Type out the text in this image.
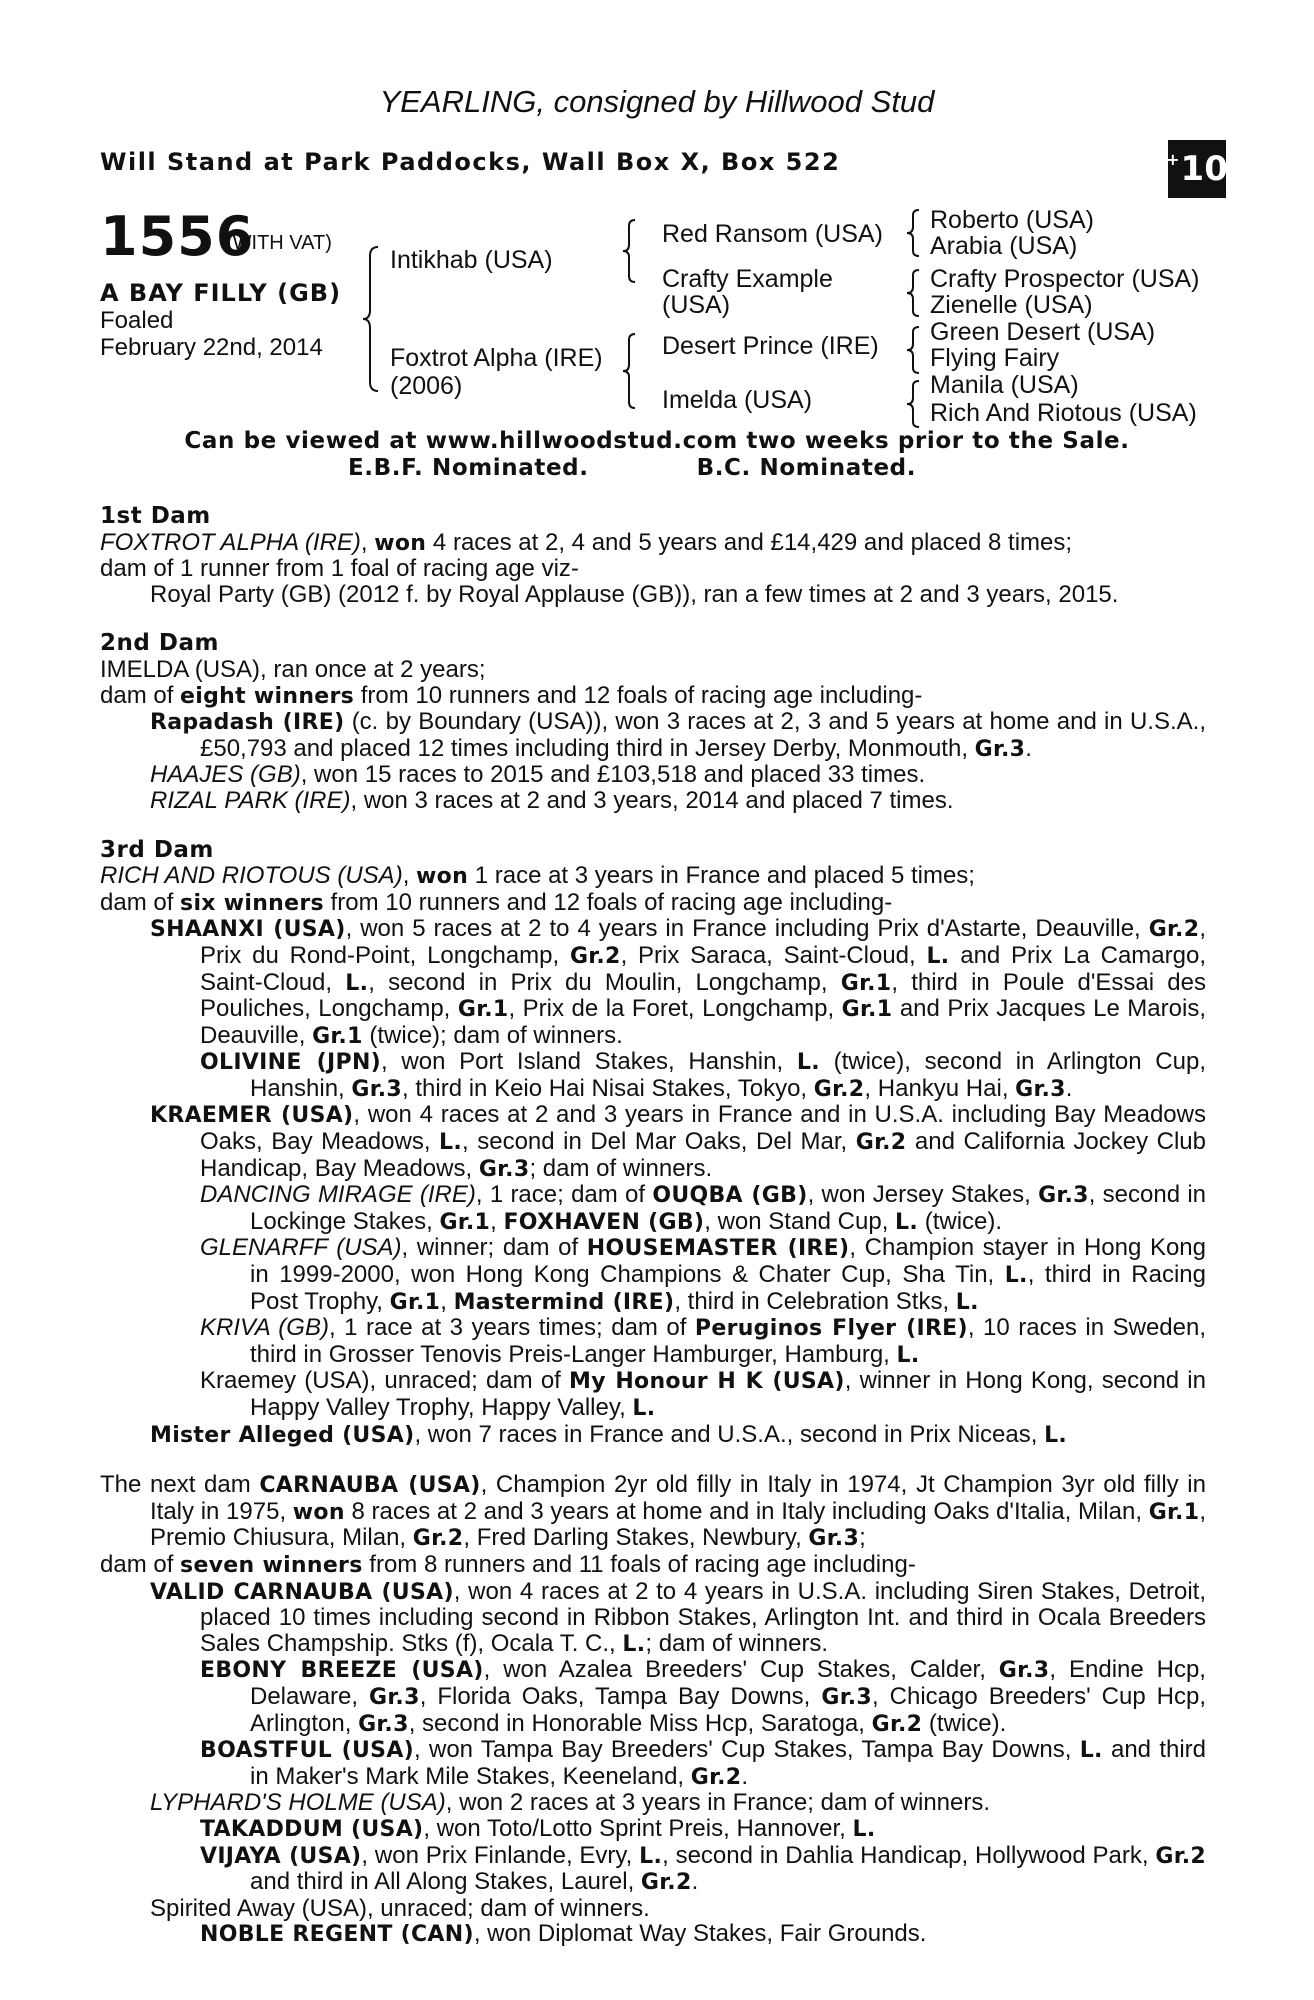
YEARLING, consigned by Hillwood Stud
Will Stand at Park Paddocks, Wall Box X, Box 522	+ 10
1556
(WITH VAT)
A BAY FILLY (GB)
Foaled
February 22nd, 2014
Intikhab (USA)
Foxtrot Alpha (IRE)
(2006)
Red Ransom (USA)
Crafty Example
(USA)
Desert Prince (IRE)
Imelda (USA)
Roberto (USA)
Arabia (USA)
Crafty Prospector (USA)
Zienelle (USA)
Green Desert (USA)
Flying Fairy
Manila (USA)
Rich And Riotous (USA)
Can be viewed at www.hillwoodstud.com two weeks prior to the Sale.
E.B.F. Nominated.	B.C. Nominated.
1st Dam
FOXTROT ALPHA (IRE), won 4 races at 2, 4 and 5 years and £14,429 and placed 8 times;
dam of 1 runner from 1 foal of racing age viz-
Royal Party (GB) (2012 f. by Royal Applause (GB)), ran a few times at 2 and 3 years, 2015.
2nd Dam
IMELDA (USA), ran once at 2 years;
dam of eight winners from 10 runners and 12 foals of racing age including-
Rapadash (IRE) (c. by Boundary (USA)), won 3 races at 2, 3 and 5 years at home and in U.S.A., £50,793 and placed 12 times including third in Jersey Derby, Monmouth, Gr.3.
HAAJES (GB), won 15 races to 2015 and £103,518 and placed 33 times.
RIZAL PARK (IRE), won 3 races at 2 and 3 years, 2014 and placed 7 times.
3rd Dam
RICH AND RIOTOUS (USA), won 1 race at 3 years in France and placed 5 times;
dam of six winners from 10 runners and 12 foals of racing age including-
SHAANXI (USA), won 5 races at 2 to 4 years in France including Prix d'Astarte, Deauville, Gr.2, Prix du Rond-Point, Longchamp, Gr.2, Prix Saraca, Saint-Cloud, L. and Prix La Camargo, Saint-Cloud, L., second in Prix du Moulin, Longchamp, Gr.1, third in Poule d'Essai des Pouliches, Longchamp, Gr.1, Prix de la Foret, Longchamp, Gr.1 and Prix Jacques Le Marois, Deauville, Gr.1 (twice); dam of winners.
OLIVINE (JPN), won Port Island Stakes, Hanshin, L. (twice), second in Arlington Cup, Hanshin, Gr.3, third in Keio Hai Nisai Stakes, Tokyo, Gr.2, Hankyu Hai, Gr.3.
KRAEMER (USA), won 4 races at 2 and 3 years in France and in U.S.A. including Bay Meadows Oaks, Bay Meadows, L., second in Del Mar Oaks, Del Mar, Gr.2 and California Jockey Club Handicap, Bay Meadows, Gr.3; dam of winners.
DANCING MIRAGE (IRE), 1 race; dam of OUQBA (GB), won Jersey Stakes, Gr.3, second in Lockinge Stakes, Gr.1, FOXHAVEN (GB), won Stand Cup, L. (twice).
GLENARFF (USA), winner; dam of HOUSEMASTER (IRE), Champion stayer in Hong Kong in 1999-2000, won Hong Kong Champions & Chater Cup, Sha Tin, L., third in Racing Post Trophy, Gr.1, Mastermind (IRE), third in Celebration Stks, L.
KRIVA (GB), 1 race at 3 years times; dam of Peruginos Flyer (IRE), 10 races in Sweden, third in Grosser Tenovis Preis-Langer Hamburger, Hamburg, L.
Kraemey (USA), unraced; dam of My Honour H K (USA), winner in Hong Kong, second in Happy Valley Trophy, Happy Valley, L.
Mister Alleged (USA), won 7 races in France and U.S.A., second in Prix Niceas, L.
The next dam CARNAUBA (USA), Champion 2yr old filly in Italy in 1974, Jt Champion 3yr old filly in Italy in 1975, won 8 races at 2 and 3 years at home and in Italy including Oaks d'Italia, Milan, Gr.1, Premio Chiusura, Milan, Gr.2, Fred Darling Stakes, Newbury, Gr.3;
dam of seven winners from 8 runners and 11 foals of racing age including-
VALID CARNAUBA (USA), won 4 races at 2 to 4 years in U.S.A. including Siren Stakes, Detroit, placed 10 times including second in Ribbon Stakes, Arlington Int. and third in Ocala Breeders Sales Champship. Stks (f), Ocala T. C., L.; dam of winners.
EBONY BREEZE (USA), won Azalea Breeders' Cup Stakes, Calder, Gr.3, Endine Hcp, Delaware, Gr.3, Florida Oaks, Tampa Bay Downs, Gr.3, Chicago Breeders' Cup Hcp, Arlington, Gr.3, second in Honorable Miss Hcp, Saratoga, Gr.2 (twice).
BOASTFUL (USA), won Tampa Bay Breeders' Cup Stakes, Tampa Bay Downs, L. and third in Maker's Mark Mile Stakes, Keeneland, Gr.2.
LYPHARD'S HOLME (USA), won 2 races at 3 years in France; dam of winners.
TAKADDUM (USA), won Toto/Lotto Sprint Preis, Hannover, L.
VIJAYA (USA), won Prix Finlande, Evry, L., second in Dahlia Handicap, Hollywood Park, Gr.2 and third in All Along Stakes, Laurel, Gr.2.
Spirited Away (USA), unraced; dam of winners.
NOBLE REGENT (CAN), won Diplomat Way Stakes, Fair Grounds.
